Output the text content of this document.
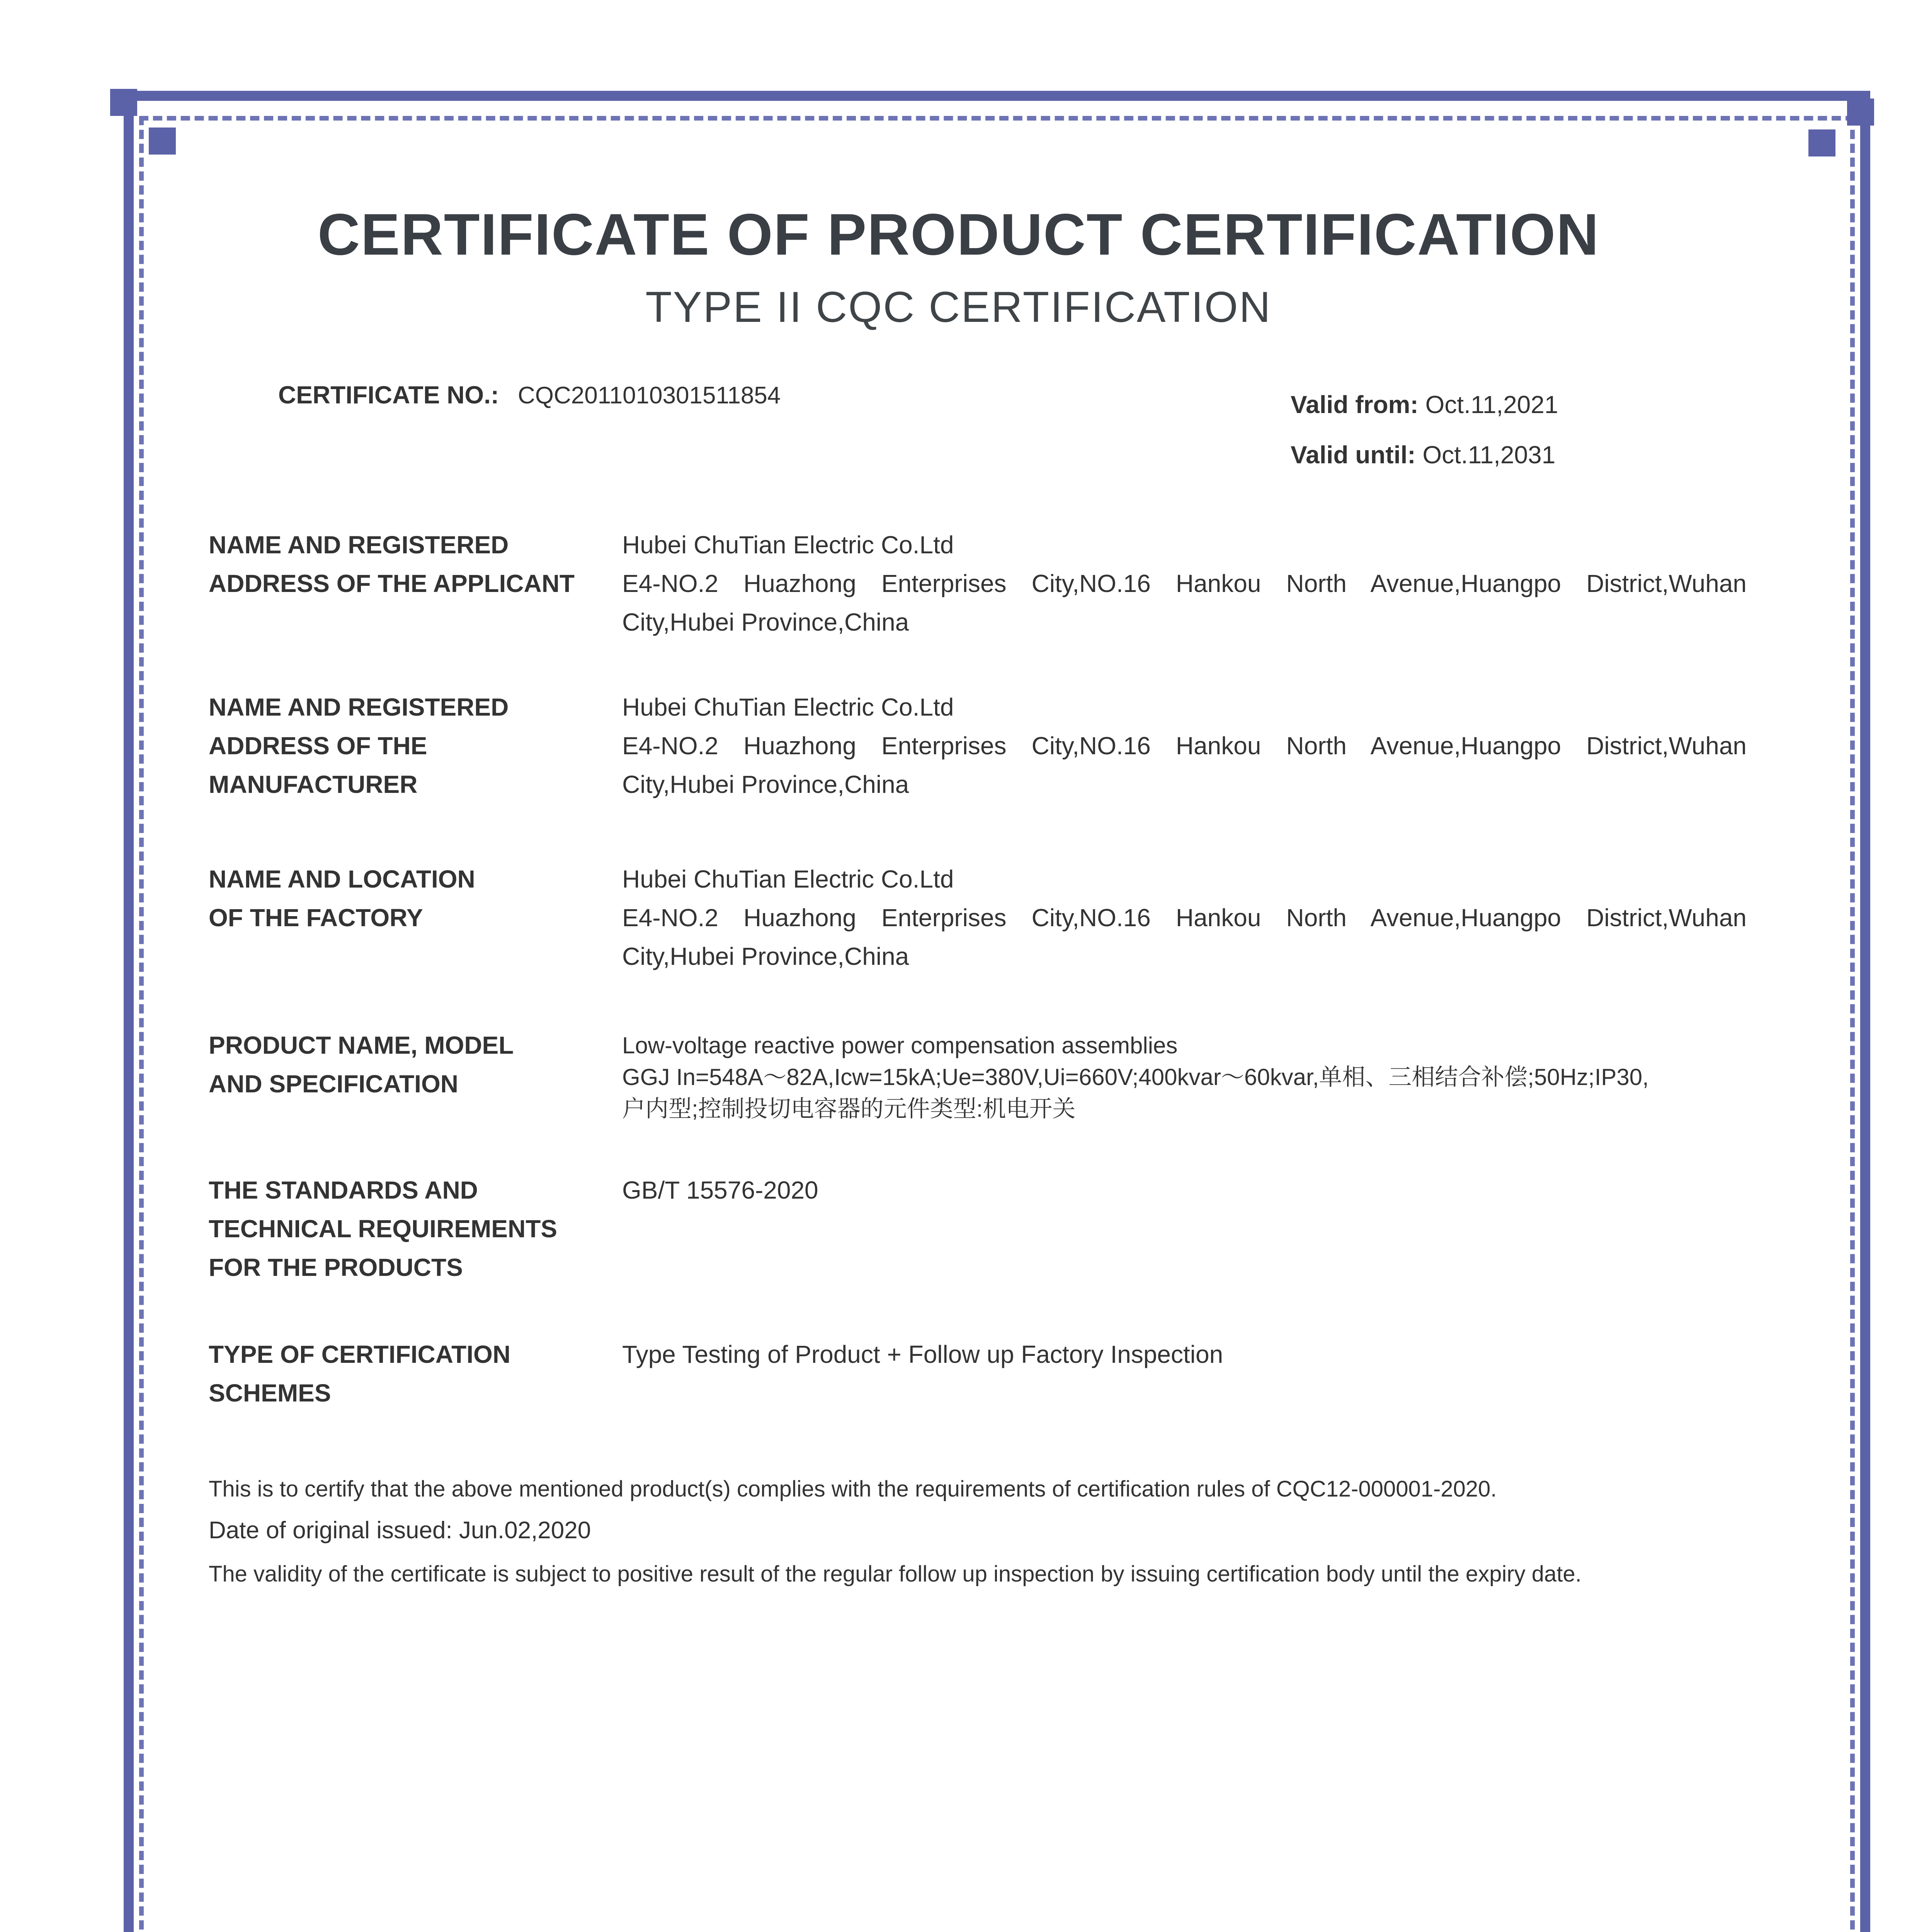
CERTIFICATE OF PRODUCT CERTIFICATION
TYPE II CQC CERTIFICATION
CERTIFICATE NO.: CQC2011010301511854	Valid from: Oct.11,2021
Valid until: Oct.11,2031
NAME AND REGISTERED
ADDRESS OF THE APPLICANT
Hubei ChuTian Electric Co.Ltd
E4-NO.2 Huazhong Enterprises City,NO.16 Hankou North Avenue,Huangpo District,Wuhan
City,Hubei Province,China
NAME AND REGISTERED
ADDRESS OF THE
MANUFACTURER
Hubei ChuTian Electric Co.Ltd
E4-NO.2 Huazhong Enterprises City,NO.16 Hankou North Avenue,Huangpo District,Wuhan
City,Hubei Province,China
NAME AND LOCATION
OF THE FACTORY
Hubei ChuTian Electric Co.Ltd
E4-NO.2 Huazhong Enterprises City,NO.16 Hankou North Avenue,Huangpo District,Wuhan
City,Hubei Province,China
PRODUCT NAME, MODEL
AND SPECIFICATION
Low-voltage reactive power compensation assemblies
GGJ In=548A～82A,Icw=15kA;Ue=380V,Ui=660V;400kvar～60kvar,单相、三相结合补偿;50Hz;IP30,
户内型;控制投切电容器的元件类型:机电开关
THE STANDARDS AND
TECHNICAL REQUIREMENTS
FOR THE PRODUCTS
GB/T 15576-2020
TYPE OF CERTIFICATION
SCHEMES
Type Testing of Product + Follow up Factory Inspection
This is to certify that the above mentioned product(s) complies with the requirements of certification rules of CQC12-000001-2020.
Date of original issued: Jun.02,2020
The validity of the certificate is subject to positive result of the regular follow up inspection by issuing certification body until the expiry date.
